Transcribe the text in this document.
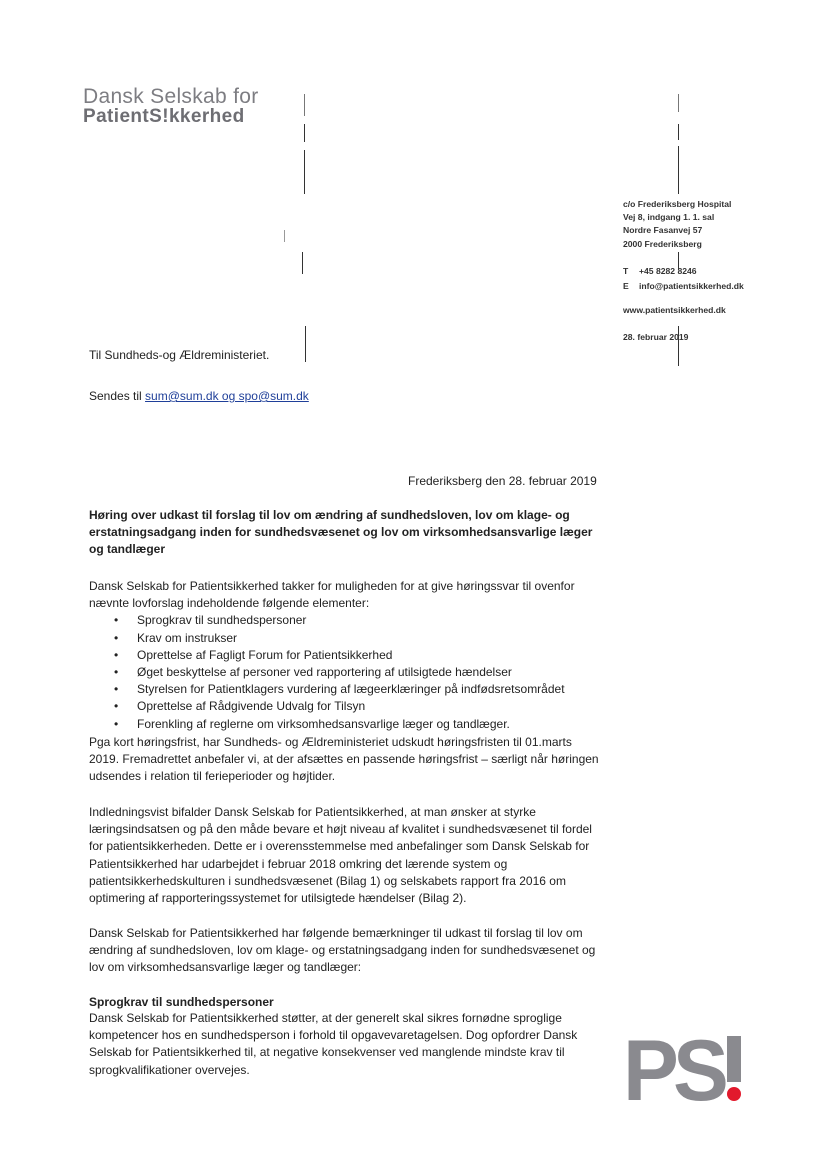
Dansk Selskab for
PatientS!kkerhed
c/o Frederiksberg Hospital
Vej 8, indgang 1. 1. sal
Nordre Fasanvej 57
2000 Frederiksberg
T +45 8282 8246
E info@patientsikkerhed.dk
www.patientsikkerhed.dk
28. februar 2019
Til Sundheds-og Ældreministeriet.
Sendes til sum@sum.dk og spo@sum.dk
Frederiksberg den 28. februar 2019
Høring over udkast til forslag til lov om ændring af sundhedsloven, lov om klage- og erstatningsadgang inden for sundhedsvæsenet og lov om virksomhedsansvarlige læger og tandlæger
Dansk Selskab for Patientsikkerhed takker for muligheden for at give høringssvar til ovenfor nævnte lovforslag indeholdende følgende elementer:
• Sprogkrav til sundhedspersoner
• Krav om instrukser
• Oprettelse af Fagligt Forum for Patientsikkerhed
• Øget beskyttelse af personer ved rapportering af utilsigtede hændelser
• Styrelsen for Patientklagers vurdering af lægeerklæringer på indfødsretsområdet
• Oprettelse af Rådgivende Udvalg for Tilsyn
• Forenkling af reglerne om virksomhedsansvarlige læger og tandlæger.
Pga kort høringsfrist, har Sundheds- og Ældreministeriet udskudt høringsfristen til 01.marts 2019. Fremadrettet anbefaler vi, at der afsættes en passende høringsfrist – særligt når høringen udsendes i relation til ferieperioder og højtider.
Indledningsvist bifalder Dansk Selskab for Patientsikkerhed, at man ønsker at styrke læringsindsatsen og på den måde bevare et højt niveau af kvalitet i sundhedsvæsenet til fordel for patientsikkerheden. Dette er i overensstemmelse med anbefalinger som Dansk Selskab for Patientsikkerhed har udarbejdet i februar 2018 omkring det lærende system og patientsikkerhedskulturen i sundhedsvæsenet (Bilag 1) og selskabets rapport fra 2016 om optimering af rapporteringssystemet for utilsigtede hændelser (Bilag 2).
Dansk Selskab for Patientsikkerhed har følgende bemærkninger til udkast til forslag til lov om ændring af sundhedsloven, lov om klage- og erstatningsadgang inden for sundhedsvæsenet og lov om virksomhedsansvarlige læger og tandlæger:
Sprogkrav til sundhedspersoner
Dansk Selskab for Patientsikkerhed støtter, at der generelt skal sikres fornødne sproglige kompetencer hos en sundhedsperson i forhold til opgavevaretagelsen. Dog opfordrer Dansk Selskab for Patientsikkerhed til, at negative konsekvenser ved manglende mindste krav til sprogkvalifikationer overvejes.	PS
